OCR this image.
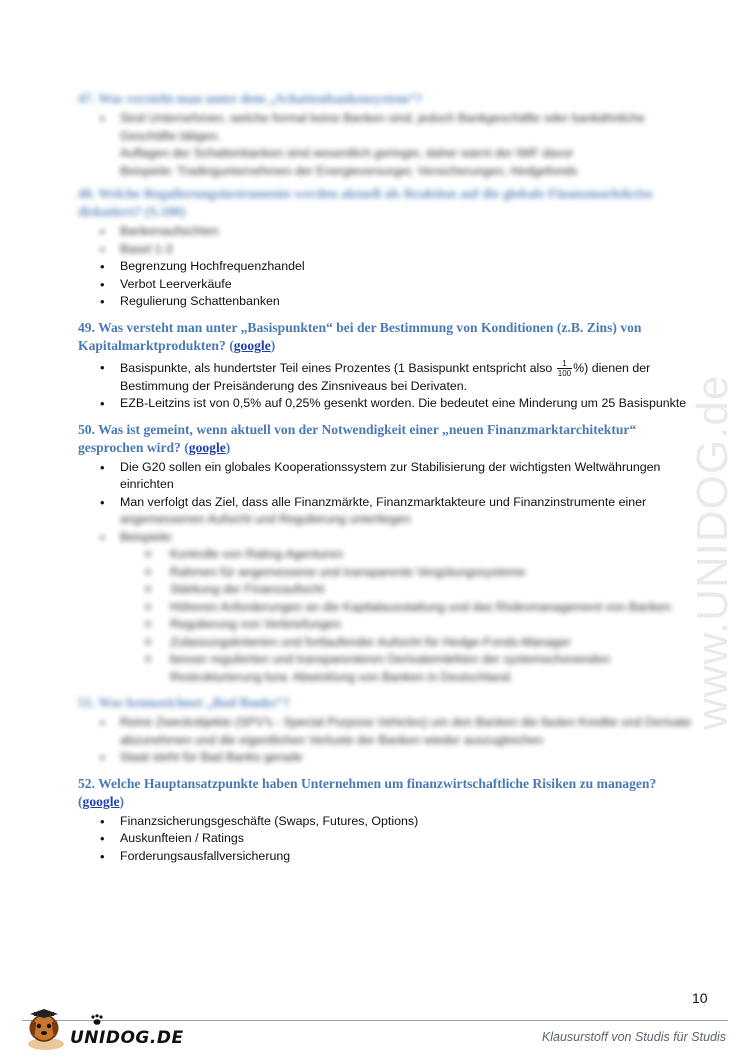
www.UNIDOG.de

47. Was versteht man unter dem „Schattenbankensystem“?

• Sind Unternehmen, welche formal keine Banken sind, jedoch Bankgeschäfte oder bankähnliche Geschäfte tätigen.
Auflagen der Schattenbanken sind wesentlich geringer, daher warnt der IWF davor
Beispiele: Tradingunternehmen der Energieversorger, Versicherungen, Hedgefonds

48. Welche Regulierungsinstrumente werden aktuell als Reaktion auf die globale Finanzmarktkrise diskutiert? (S.100)

• Bankenaufsichten
• Basel 1-3
• Begrenzung Hochfrequenzhandel
• Verbot Leerverkäufe
• Regulierung Schattenbanken

49. Was versteht man unter „Basispunkten“ bei der Bestimmung von Konditionen (z.B. Zins) von Kapitalmarktprodukten? (google)

• Basispunkte, als hundertster Teil eines Prozentes (1 Basispunkt entspricht also $\frac{1}{100}$ %) dienen der Bestimmung der Preisänderung des Zinsniveaus bei Derivaten.
• EZB-Leitzins ist von 0,5% auf 0,25% gesenkt worden. Die bedeutet eine Minderung um 25 Basispunkte

50. Was ist gemeint, wenn aktuell von der Notwendigkeit einer „neuen Finanzmarktarchitektur“ gesprochen wird? (google)

• Die G20 sollen ein globales Kooperationssystem zur Stabilisierung der wichtigsten Weltwährungen einrichten
• Man verfolgt das Ziel, dass alle Finanzmärkte, Finanzmarktakteure und Finanzinstrumente einer
angemessenen Aufsicht und Regulierung unterliegen
• Beispiele:
o Kontrolle von Rating-Agenturen
o Rahmen für angemessene und transparente Vergütungssysteme
o Stärkung der Finanzaufsicht
o Höheren Anforderungen an die Kapitalausstattung und das Risikomanagement von Banken
o Regulierung von Verbriefungen
o Zulassungskriterien und fortlaufender Aufsicht für Hedge-Fonds-Manager
o besser regulierten und transparenteren Derivatemärkten der systemschonenden Restrukturierung bzw. Abwicklung von Banken in Deutschland.

51. Was kennzeichnet „Bad Banks“?

• Reine Zweckobjekte (SPV's - Special Purpose Vehicles) um den Banken die faulen Kredite und Derivate abzunehmen und die eigentlichen Verluste der Banken wieder auszugleichen
• Staat steht für Bad Banks gerade

52. Welche Hauptansatzpunkte haben Unternehmen um finanzwirtschaftliche Risiken zu managen? (google)

• Finanzsicherungsgeschäfte (Swaps, Futures, Options)
• Auskunfteien / Ratings
• Forderungsausfallversicherung
10
UNIDOG.DE	Klausurstoff von Studis für Studis
